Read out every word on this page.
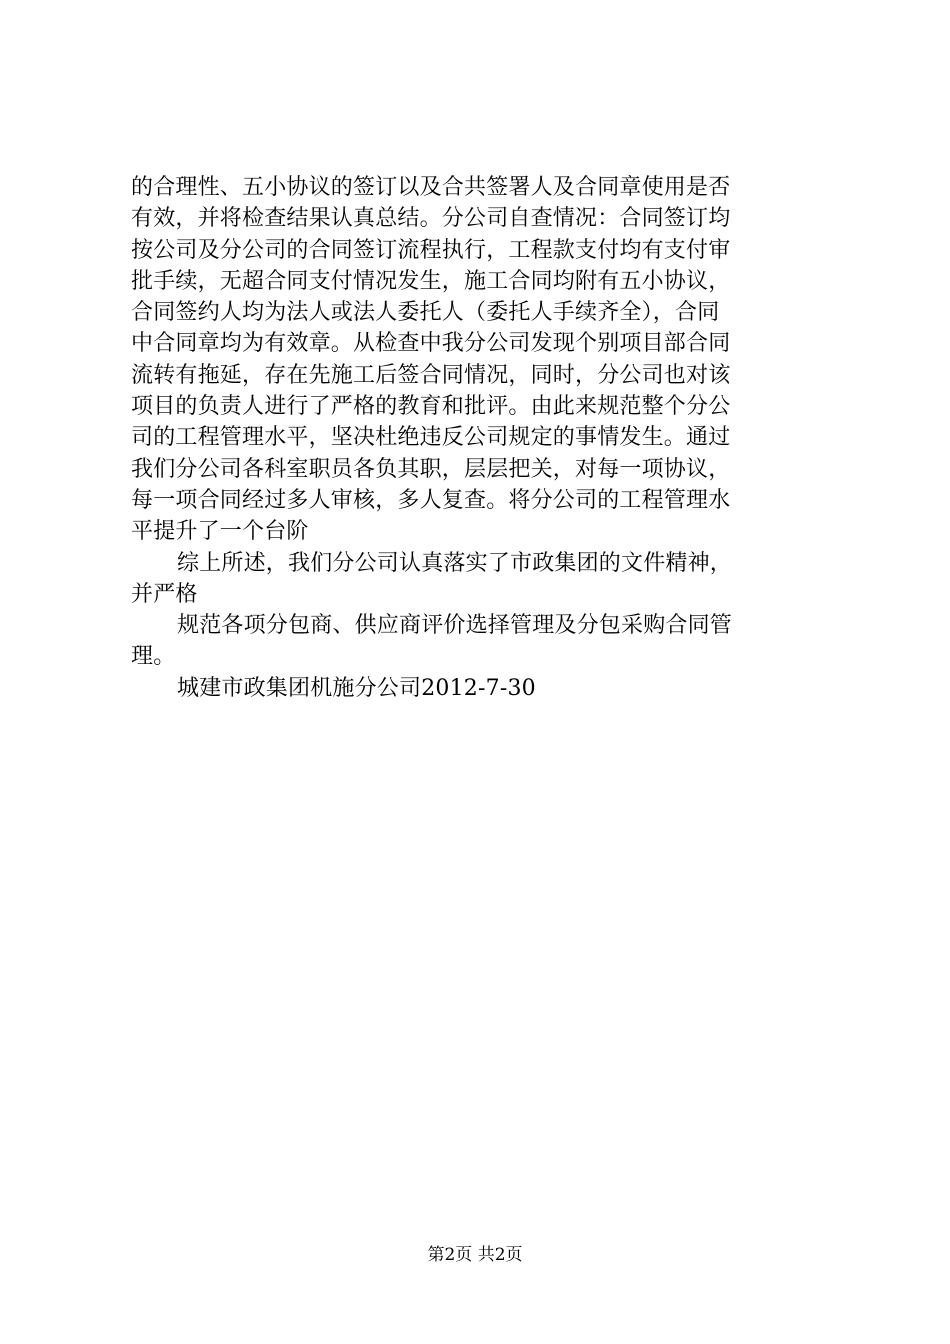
的合理性、五小协议的签订以及合共签署人及合同章使用是否
有效，并将检查结果认真总结。分公司自查情况：合同签订均
按公司及分公司的合同签订流程执行，工程款支付均有支付审
批手续，无超合同支付情况发生，施工合同均附有五小协议，
合同签约人均为法人或法人委托人（委托人手续齐全），合同
中合同章均为有效章。从检查中我分公司发现个别项目部合同
流转有拖延，存在先施工后签合同情况，同时，分公司也对该
项目的负责人进行了严格的教育和批评。由此来规范整个分公
司的工程管理水平，坚决杜绝违反公司规定的事情发生。通过
我们分公司各科室职员各负其职，层层把关，对每一项协议，
每一项合同经过多人审核，多人复查。将分公司的工程管理水
平提升了一个台阶
综上所述，我们分公司认真落实了市政集团的文件精神，
并严格
规范各项分包商、供应商评价选择管理及分包采购合同管
理。
城建市政集团机施分公司2012-7-30
第2页 共2页
